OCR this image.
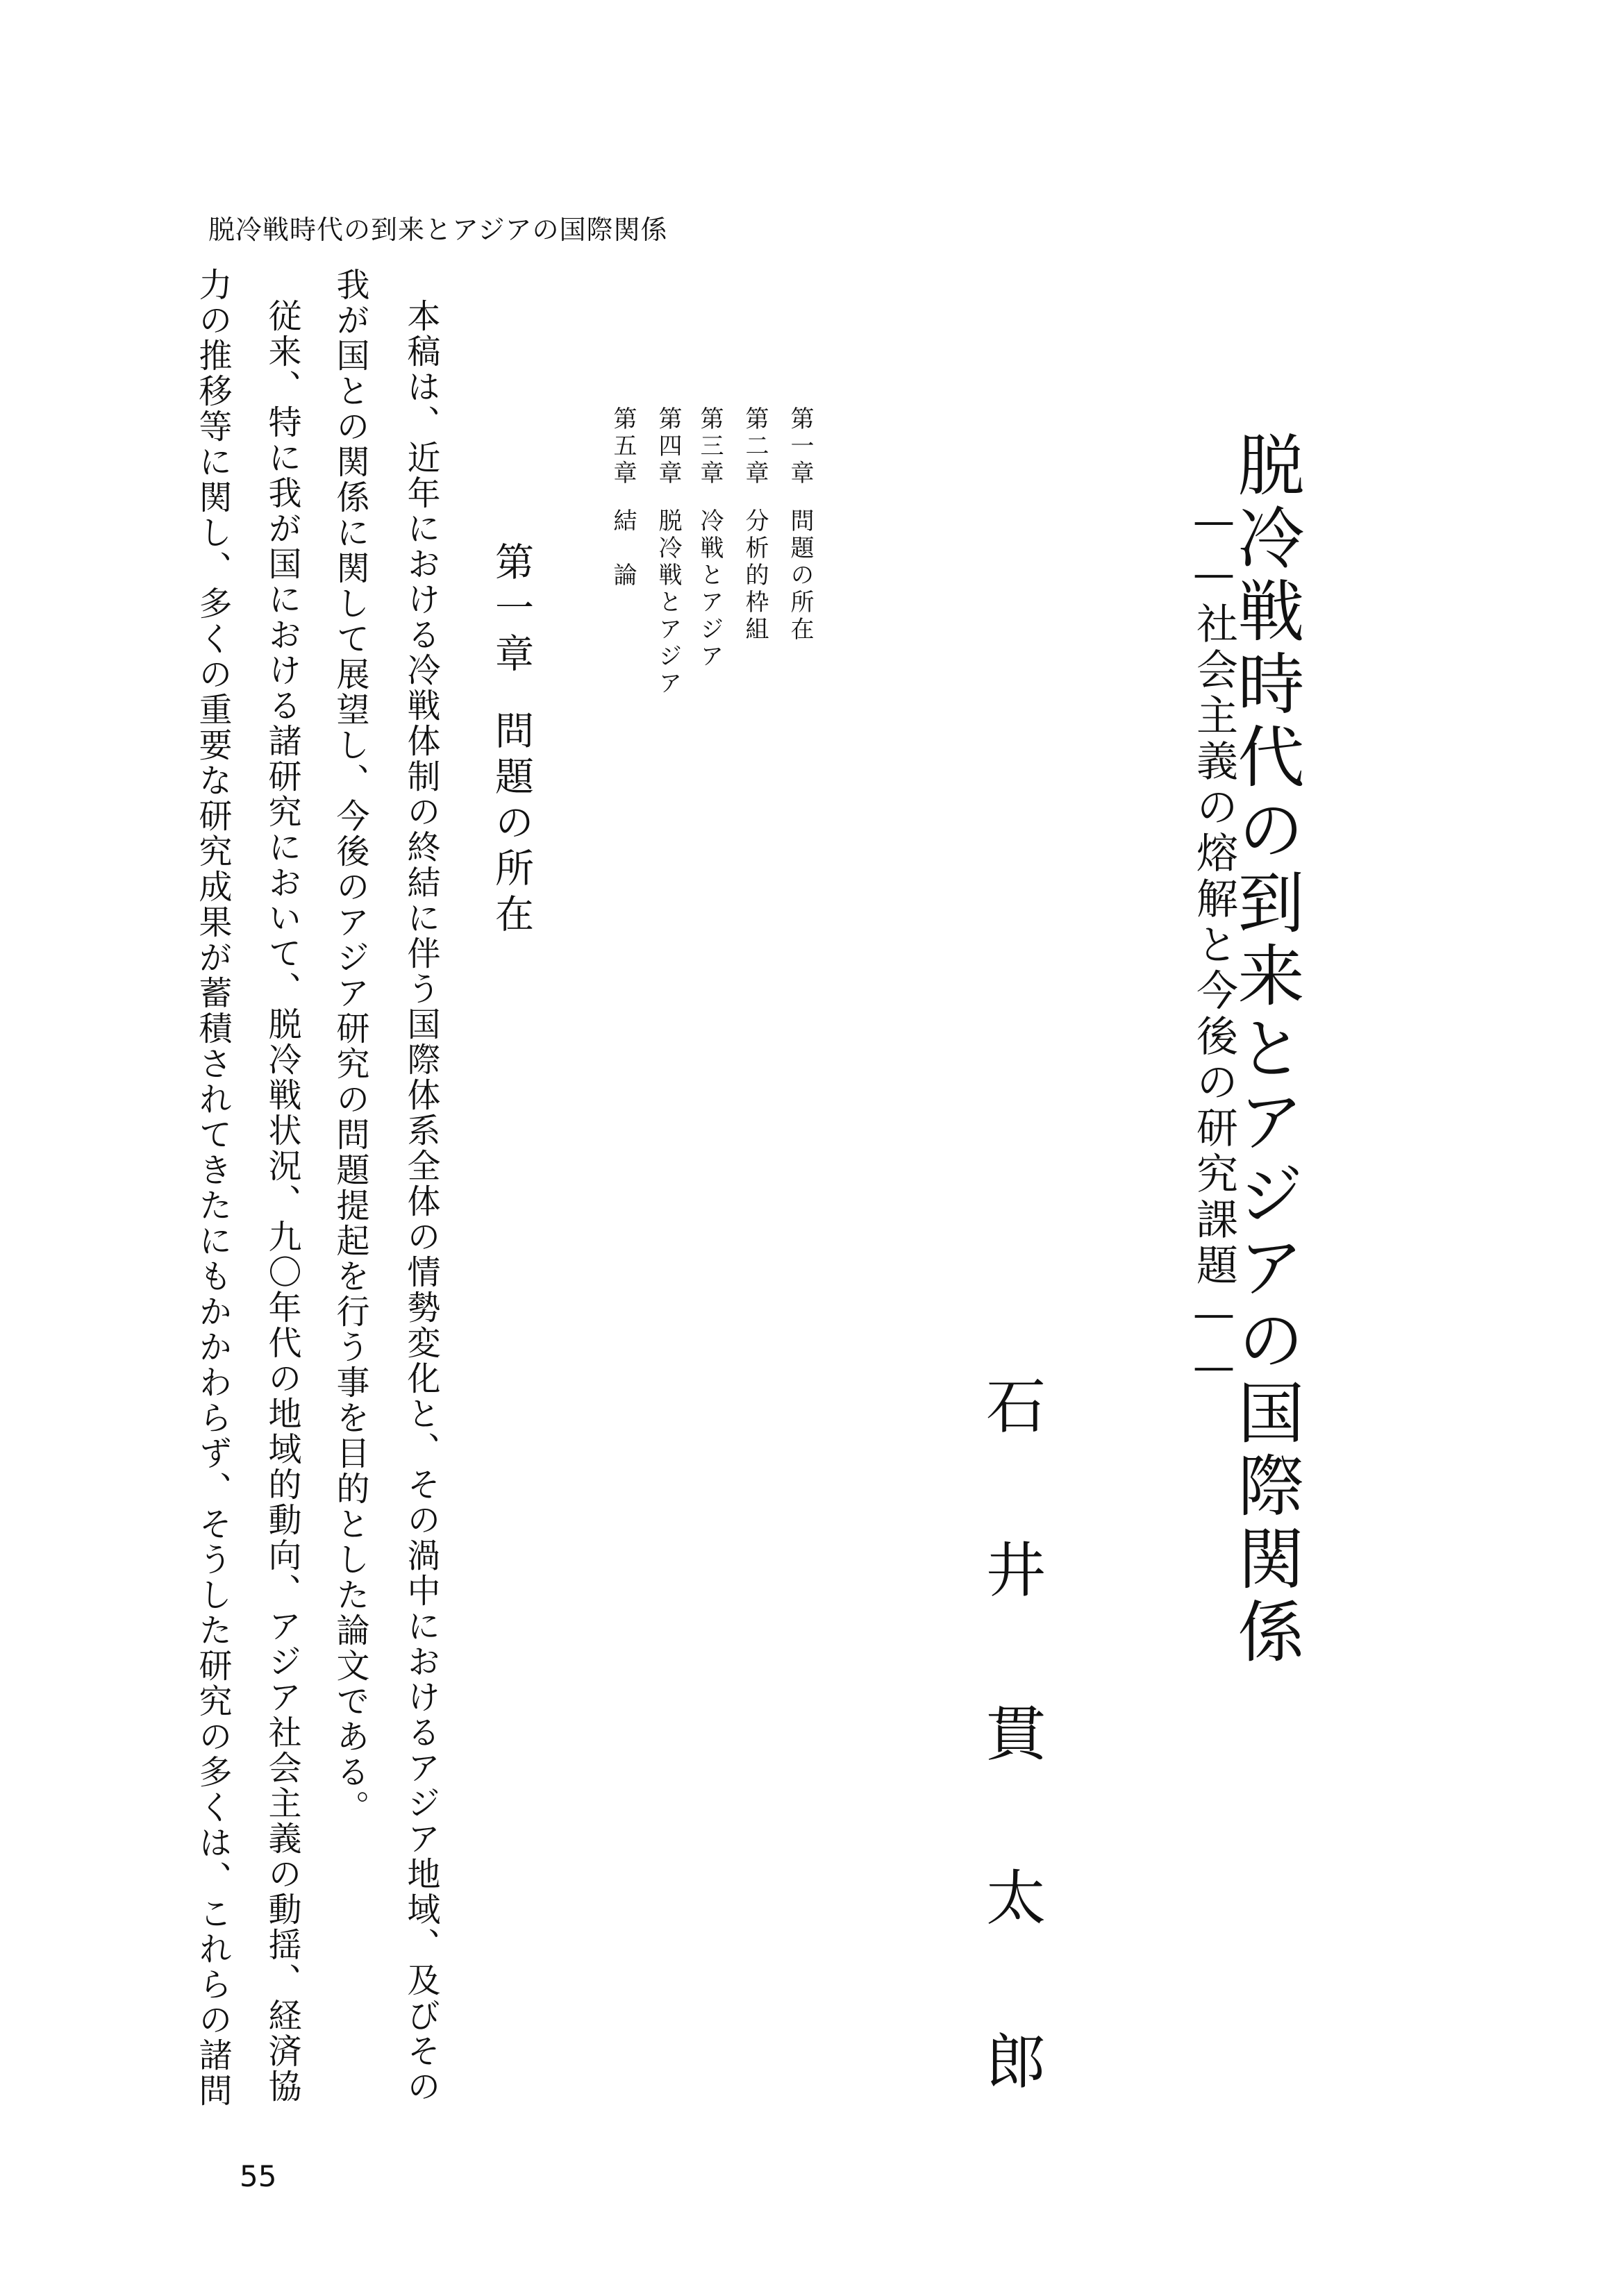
脱冷戦時代の到来とアジアの国際関係
脱冷戦時代の到来とアジアの国際関係
——社会主義の熔解と今後の研究課題——
石井貫太郎
第一章問題の所在
第二章分析的枠組
第三章冷戦とアジア
第四章脱冷戦とアジア
第五章結　論
第一章問題の所在
本稿は、近年における冷戦体制の終結に伴う国際体系全体の情勢変化と、その渦中におけるアジア地域、及びその
我が国との関係に関して展望し、今後のアジア研究の問題提起を行う事を目的とした論文である。
従来、特に我が国における諸研究において、脱冷戦状況、九〇年代の地域的動向、アジア社会主義の動揺、経済協
力の推移等に関し、多くの重要な研究成果が蓄積されてきたにもかかわらず、そうした研究の多くは、これらの諸問
55
